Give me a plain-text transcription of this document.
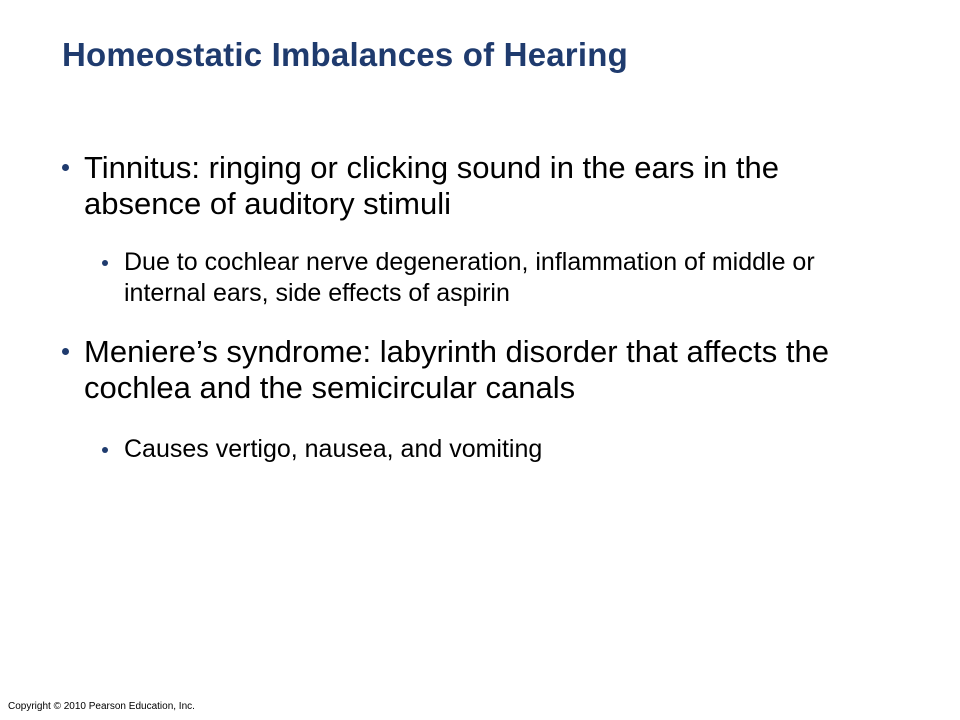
Homeostatic Imbalances of Hearing
Tinnitus: ringing or clicking sound in the ears in the absence of auditory stimuli
Due to cochlear nerve degeneration, inflammation of middle or internal ears, side effects of aspirin
Meniere’s syndrome: labyrinth disorder that affects the cochlea and the semicircular canals
Causes vertigo, nausea, and vomiting
Copyright © 2010 Pearson Education, Inc.
